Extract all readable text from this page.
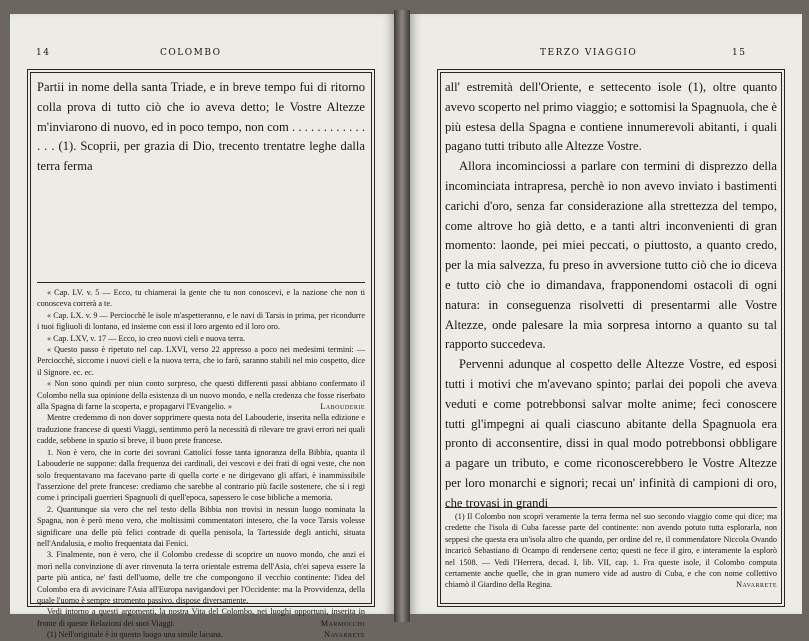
14	COLOMBO

Partii in nome della santa Triade, e in breve tempo fui di ritorno colla prova di tutto ciò che io aveva detto; le Vostre Altezze m'inviarono di nuovo, ed in poco tempo, non com . . . . . . . . . . . . . . . (1). Scoprii, per grazia di Dio, trecento trentatre leghe dalla terra ferma

« Cap. LV. v. 5 — Ecco, tu chiamerai la gente che tu non conoscevi, e la nazione che non ti conosceva correrà a te.

« Cap. LX. v. 9 — Perciocchè le isole m'aspetteranno, e le navi di Tarsis in prima, per ricondurre i tuoi figliuoli di lontano, ed insieme con essi il loro argento ed il loro oro.

« Cap. LXV, v. 17 — Ecco, io creo nuovi cieli e nuova terra.

« Questo passo è ripetuto nel cap. LXVI, verso 22 appresso a poco nei medesimi termini: — Perciocchè, siccome i nuovi cieli e la nuova terra, che io farò, saranno stabili nel mio cospetto, dice il Signore. ec. ec.

« Non sono quindi per niun conto sorpreso, che questi differenti passi abbiano confermato il Colombo nella sua opinione della esistenza di un nuovo mondo, e nella credenza che fosse riserbato alla Spagna di farne la scoperta, e propagarvi l'Evangelio. »	Labouderie

Mentre credemmo di non dover sopprimere questa nota del Labouderie, inserita nella edizione e traduzione francese di questi Viaggi, sentimmo però la necessità di rilevare tre gravi errori nei quali cadde, sebbene in spazio sì breve, il buon prete francese.

1. Non è vero, che in corte dei sovrani Cattolici fosse tanta ignoranza della Bibbia, quanta il Labouderie ne suppone: dalla frequenza dei cardinali, dei vescovi e dei frati di ogni veste, che non solo frequentavano ma facevano parte di quella corte e ne dirigevano gli affari, è inammissibile l'asserzione del prete francese: crediamo che sarebbe al contrario più facile sostenere, che sì i regi come i principali guerrieri Spagnuoli di quell'epoca, sapessero le cose bibliche a memoria.

2. Quantunque sia vero che nel testo della Bibbia non trovisi in nessun luogo nominata la Spagna, non è però meno vero, che moltissimi commentatori intesero, che la voce Tarsis volesse significare una delle più felici contrade di quella penisola, la Tartesside degli antichi, situata nell'Andalusia, e molto frequentata dai Fenici.

3. Finalmente, non è vero, che il Colombo credesse di scoprire un nuovo mondo, che anzi ei morì nella convinzione di aver rinvenuta la terra orientale estrema dell'Asia, ch'ei sapeva essere la parte più antica, ne' fasti dell'uomo, delle tre che compongono il vecchio continente: l'idea del Colombo era di avvicinare l'Asia all'Europa navigandovi per l'Occidente: ma la Provvidenza, della quale l'uomo è sempre stromento passivo, dispose diversamente.

Vedi intorno a questi argomenti, la nostra Vita del Colombo, nei luoghi opportuni, inserita in fronte di queste Relazioni dei suoi Viaggi.	Marmocchi

(1) Nell'originale è in questo luogo una simile lacuna.	Navarrete

TERZO VIAGGIO	15

all' estremità dell'Oriente, e settecento isole (1), oltre quanto avevo scoperto nel primo viaggio; e sottomisi la Spagnuola, che è più estesa della Spagna e contiene innumerevoli abitanti, i quali pagano tutti tributo alle Altezze Vostre.

Allora incominciossi a parlare con termini di disprezzo della incominciata intrapresa, perchè io non avevo inviato i bastimenti carichi d'oro, senza far considerazione alla strettezza del tempo, come altrove ho già detto, e a tanti altri inconvenienti di gran momento: laonde, pei miei peccati, o piuttosto, a quanto credo, per la mia salvezza, fu preso in avversione tutto ciò che io diceva e tutto ciò che io dimandava, frapponendomi ostacoli di ogni natura: in conseguenza risolvetti di presentarmi alle Vostre Altezze, onde palesare la mia sorpresa intorno a quanto su tal rapporto succedeva.

Pervenni adunque al cospetto delle Altezze Vostre, ed esposi tutti i motivi che m'avevano spinto; parlai dei popoli che aveva veduti e come potrebbonsi salvar molte anime; feci conoscere tutti gl'impegni ai quali ciascuno abitante della Spagnuola era pronto di acconsentire, dissi in qual modo potrebbonsi obbligare a pagare un tributo, e come riconoscerebbero le Vostre Altezze per loro monarchi e signori; recai un' infinità di campioni di oro, che trovasi in grandi

(1) Il Colombo non scoprì veramente la terra ferma nel suo secondo viaggio come qui dice; ma credette che l'isola di Cuba facesse parte del continente: non avendo potuto tutta esplorarla, non seppesi che questa era un'isola altro che quando, per ordine del re, il commendatore Niccola Ovando incaricò Sebastiano di Ocampo di rendersene certo; questi ne fece il giro, e interamente la esplorò nel 1508. — Vedi l'Herrera, decad. I, lib. VII, cap. 1. Fra queste isole, il Colombo computa certamente anche quelle, che in gran numero vide ad austro di Cuba, e che con nome collettivo chiamò il Giardino della Regina.	Navarrete
